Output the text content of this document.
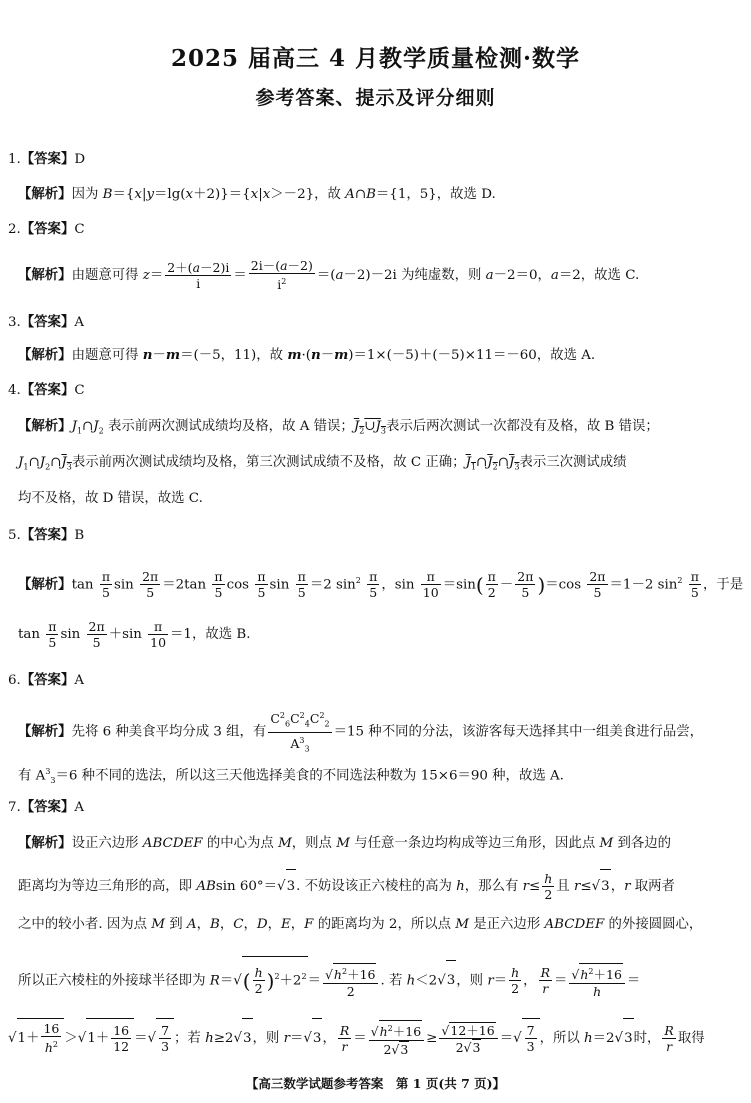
2025 届高三 4 月教学质量检测·数学
参考答案、提示及评分细则
1.【答案】D
【解析】因为 B＝{x|y＝lg(x＋2)}＝{x|x＞－2}，故 A∩B＝{1，5}，故选 D.
2.【答案】C
【解析】由题意可得 $z= \frac{2+(a-2)i}{i} = \frac{2i-(a-2)}{i^2} =(a-2)-2i$ 为纯虚数，则 a－2＝0，a＝2，故选 C.
3.【答案】A
【解析】由题意可得 n－m＝(－5，11)，故 m·(n－m)＝1×(－5)＋(－5)×11＝－60，故选 A.
4.【答案】C
【解析】$J_1\cap J_2$ 表示前两次测试成绩均及格，故 A 错误；$J_2\cup J_3$表示后两次测试一次都没有及格，故 B 错误；
$J_1\cap J_2\cap J_3$表示前两次测试成绩均及格，第三次测试成绩不及格，故 C 正确；$J_1\cap J_2\cap J_3$表示三次测试成绩
均不及格，故 D 错误，故选 C.
5.【答案】B
【解析】$\tan \frac{\pi}{5}$ $\sin \frac{2\pi}{5} =2\tan \frac{\pi}{5}$ $\cos \frac{\pi}{5}$ $\sin \frac{\pi}{5} =2$ $\sin^2 \frac{\pi}{5}$ ，$\sin \frac{\pi}{10} =\sin( \frac{\pi}{2} - \frac{2\pi}{5} )=\cos \frac{2\pi}{5} =1-2$ $\sin^2 \frac{\pi}{5}$ ，于是
$\tan \frac{\pi}{5}$ $\sin \frac{2\pi}{5} +\sin \frac{\pi}{10} =1$，故选 B.
6.【答案】A
【解析】先将 6 种美食平均分成 3 组，有 $\frac{C^2_6C^2_4C^2_2}{A^3_3} =15$ 种不同的分法，该游客每天选择其中一组美食进行品尝，
有 $A^3_3=6$ 种不同的选法，所以这三天他选择美食的不同选法种数为 15×6＝90 种，故选 A.
7.【答案】A
【解析】设正六边形 ABCDEF 的中心为点 M，则点 M 与任意一条边均构成等边三角形，因此点 M 到各边的
距离均为等边三角形的高，即 ABsin 60°＝√3. 不妨设该正六棱柱的高为 h，那么有 $r\le \frac{h}{2}$ 且 r≤√3，r 取两者
之中的较小者. 因为点 M 到 A，B，C，D，E，F 的距离均为 2，所以点 M 是正六边形 ABCDEF 的外接圆圆心，
所以正六棱柱的外接球半径即为 $R=√( \frac{h}{2} )^2+2^2= \frac{√h^2+16}{2}$ . 若 h＜2√3，则 $r= \frac{h}{2}$ ， $\frac{R}{r} = \frac{√h^2+16}{h}$ ＝
$√1+ \frac{16}{h^2} >√1+ \frac{16}{12}$ ＝√ $\frac{7}{3}$ ；若 h≥2√3，则 r＝√3， $\frac{R}{r} = \frac{√h^2+16}{2√3} \ge \frac{√12+16}{2√3}$ ＝√ $\frac{7}{3}$ ，所以 h＝2√3时， $\frac{R}{r}$ 取得
【高三数学试题参考答案　第 1 页(共 7 页)】
